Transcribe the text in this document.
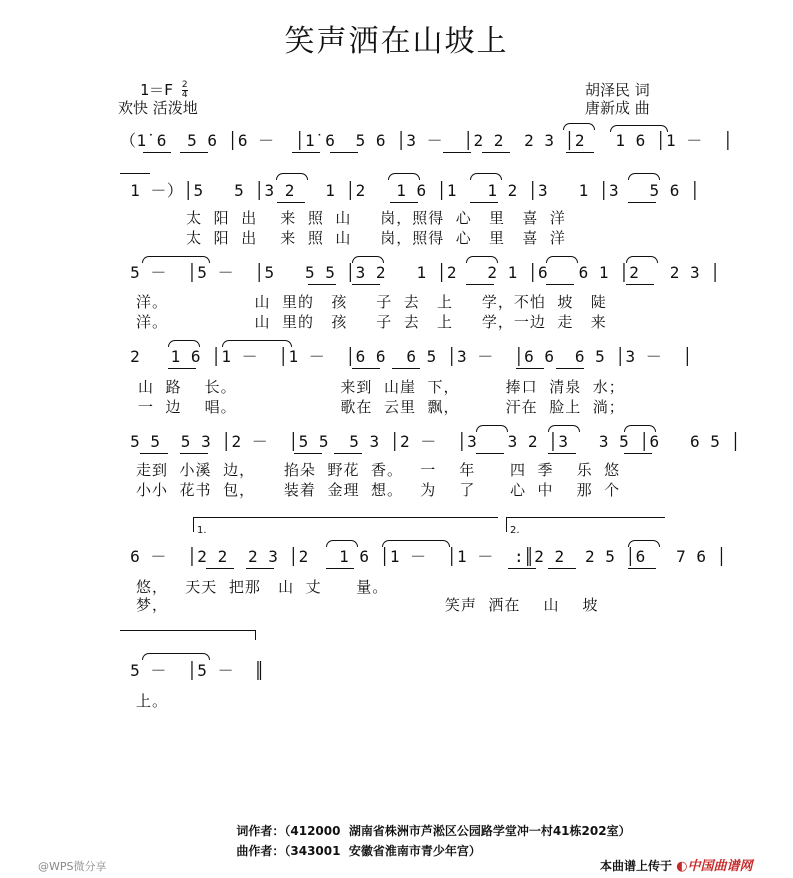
笑声洒在山坡上
$1=F \frac{2}{4}$
欢快 活泼地
胡泽民 词
唐新成 曲
（1̇ 6  5 6 │6 －  │1̇ 6  5 6 │3 －  │2 2  2 3 │2   1 6 │1 －  │
1 －）│5   5 │3 2   1 │2   1 6 │1   1 2 │3   1 │3   5 6 │
太  阳  出    来  照  山     岗，照得  心   里   喜  洋
太  阳  出    来  照  山     岗，照得  心   里   喜  洋
5 －  │5 －  │5   5 5 │3 2   1 │2   2 1 │6   6 1 │2   2 3 │
洋。               山  里的   孩     子  去   上     学，不怕  坡   陡
洋。               山  里的   孩     子  去   上     学，一边  走   来
2   1 6 │1 －  │1 －  │6 6  6 5 │3 －  │6 6  6 5 │3 －  │
山  路    长。                  来到  山崖  下，        捧口  清泉  水；
一  边    唱。                  歌在  云里  飘，        汗在  脸上  淌；
5 5  5 3 │2 －  │5 5  5 3 │2 －  │3   3 2 │3   3 5 │6   6 5 │
走到  小溪  边，     掐朵  野花  香。   一    年      四  季    乐  悠
小小  花书  包，     装着  金理  想。   为    了      心  中    那  个
1.	2.
6 －  │2 2  2 3 │2   1 6 │1 －  │1 －  :║2 2  2 5 │6   7 6 │
悠，   天天  把那   山  丈      量。
梦，                                                笑声  洒在    山    坡
5 －  │5 －  ║
上。

词作者：（412000  湖南省株洲市芦淞区公园路学堂冲一村41栋202室）

曲作者：（343001  安徽省淮南市青少年宫）

@WPS微分享	本曲谱上传于 ◐中国曲谱网
